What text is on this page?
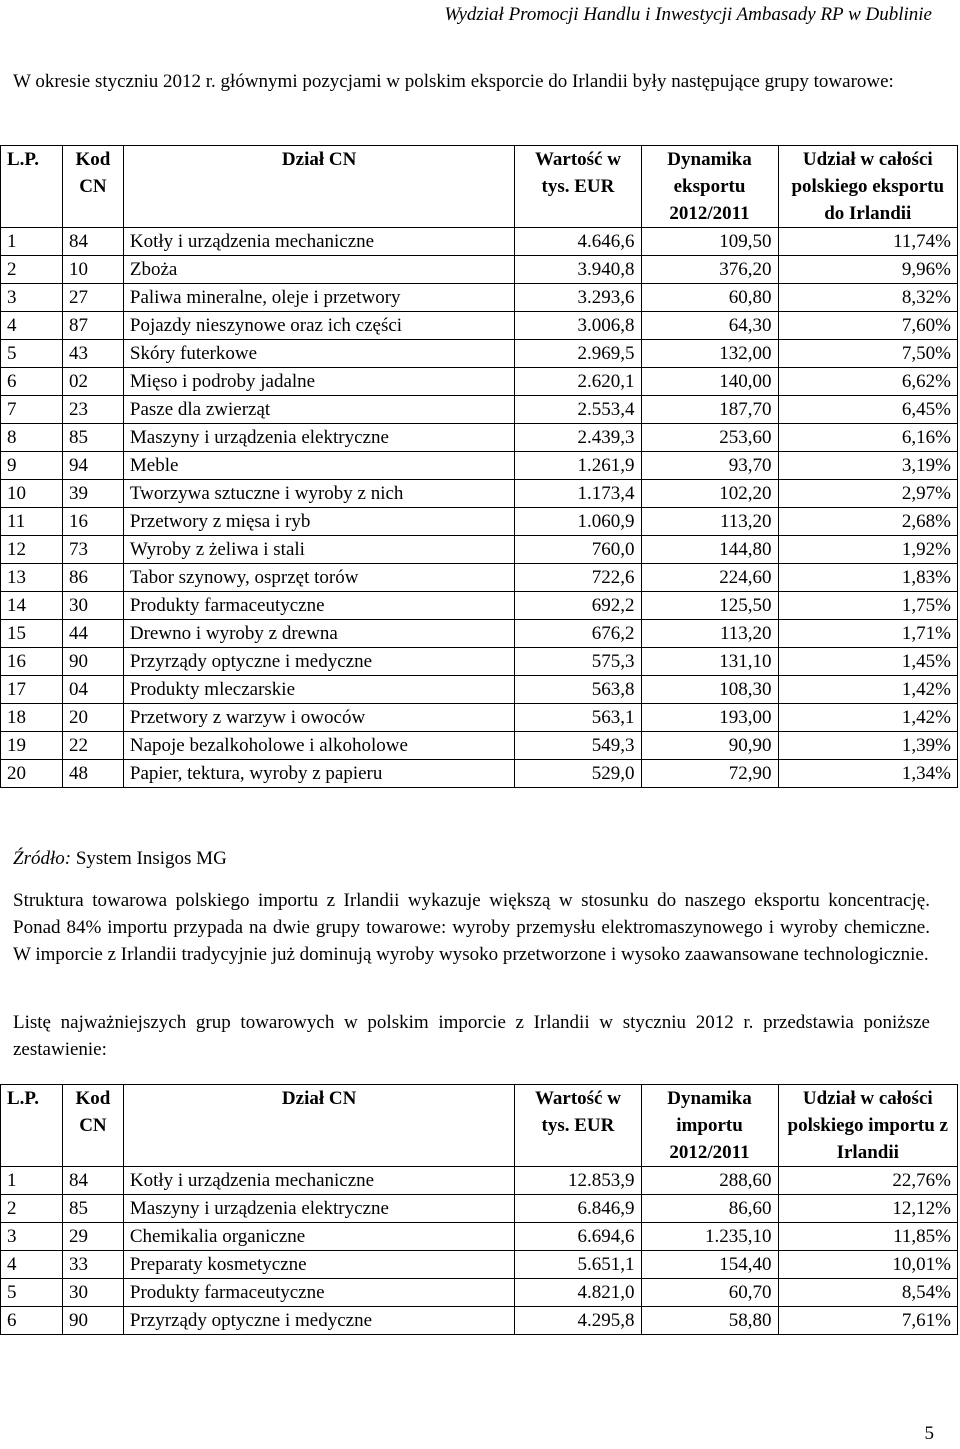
Wydział Promocji Handlu i Inwestycji Ambasady RP w Dublinie
W okresie styczniu 2012 r. głównymi pozycjami w polskim eksporcie do Irlandii były następujące grupy towarowe:
L.P.	Kod CN	Dział CN	Wartość w tys. EUR	Dynamika eksportu 2012/2011	Udział w całości polskiego eksportu do Irlandii
1	84	Kotły i urządzenia mechaniczne	4.646,6	109,50	11,74%
2	10	Zboża	3.940,8	376,20	9,96%
3	27	Paliwa mineralne, oleje i przetwory	3.293,6	60,80	8,32%
4	87	Pojazdy nieszynowe oraz ich części	3.006,8	64,30	7,60%
5	43	Skóry futerkowe	2.969,5	132,00	7,50%
6	02	Mięso i podroby jadalne	2.620,1	140,00	6,62%
7	23	Pasze dla zwierząt	2.553,4	187,70	6,45%
8	85	Maszyny i urządzenia elektryczne	2.439,3	253,60	6,16%
9	94	Meble	1.261,9	93,70	3,19%
10	39	Tworzywa sztuczne i wyroby z nich	1.173,4	102,20	2,97%
11	16	Przetwory z mięsa i ryb	1.060,9	113,20	2,68%
12	73	Wyroby z żeliwa i stali	760,0	144,80	1,92%
13	86	Tabor szynowy, osprzęt torów	722,6	224,60	1,83%
14	30	Produkty farmaceutyczne	692,2	125,50	1,75%
15	44	Drewno i wyroby z drewna	676,2	113,20	1,71%
16	90	Przyrządy optyczne i medyczne	575,3	131,10	1,45%
17	04	Produkty mleczarskie	563,8	108,30	1,42%
18	20	Przetwory z warzyw i owoców	563,1	193,00	1,42%
19	22	Napoje bezalkoholowe i alkoholowe	549,3	90,90	1,39%
20	48	Papier, tektura, wyroby z papieru	529,0	72,90	1,34%
Źródło: System Insigos MG
Struktura towarowa polskiego importu z Irlandii wykazuje większą w stosunku do naszego eksportu koncentrację. Ponad 84% importu przypada na dwie grupy towarowe: wyroby przemysłu elektromaszynowego i wyroby chemiczne. W imporcie z Irlandii tradycyjnie już dominują wyroby wysoko przetworzone i wysoko zaawansowane technologicznie.
Listę najważniejszych grup towarowych w polskim imporcie z Irlandii w styczniu 2012 r. przedstawia poniższe zestawienie:
L.P.	Kod CN	Dział CN	Wartość w tys. EUR	Dynamika importu 2012/2011	Udział w całości polskiego importu z Irlandii
1	84	Kotły i urządzenia mechaniczne	12.853,9	288,60	22,76%
2	85	Maszyny i urządzenia elektryczne	6.846,9	86,60	12,12%
3	29	Chemikalia organiczne	6.694,6	1.235,10	11,85%
4	33	Preparaty kosmetyczne	5.651,1	154,40	10,01%
5	30	Produkty farmaceutyczne	4.821,0	60,70	8,54%
6	90	Przyrządy optyczne i medyczne	4.295,8	58,80	7,61%
5
